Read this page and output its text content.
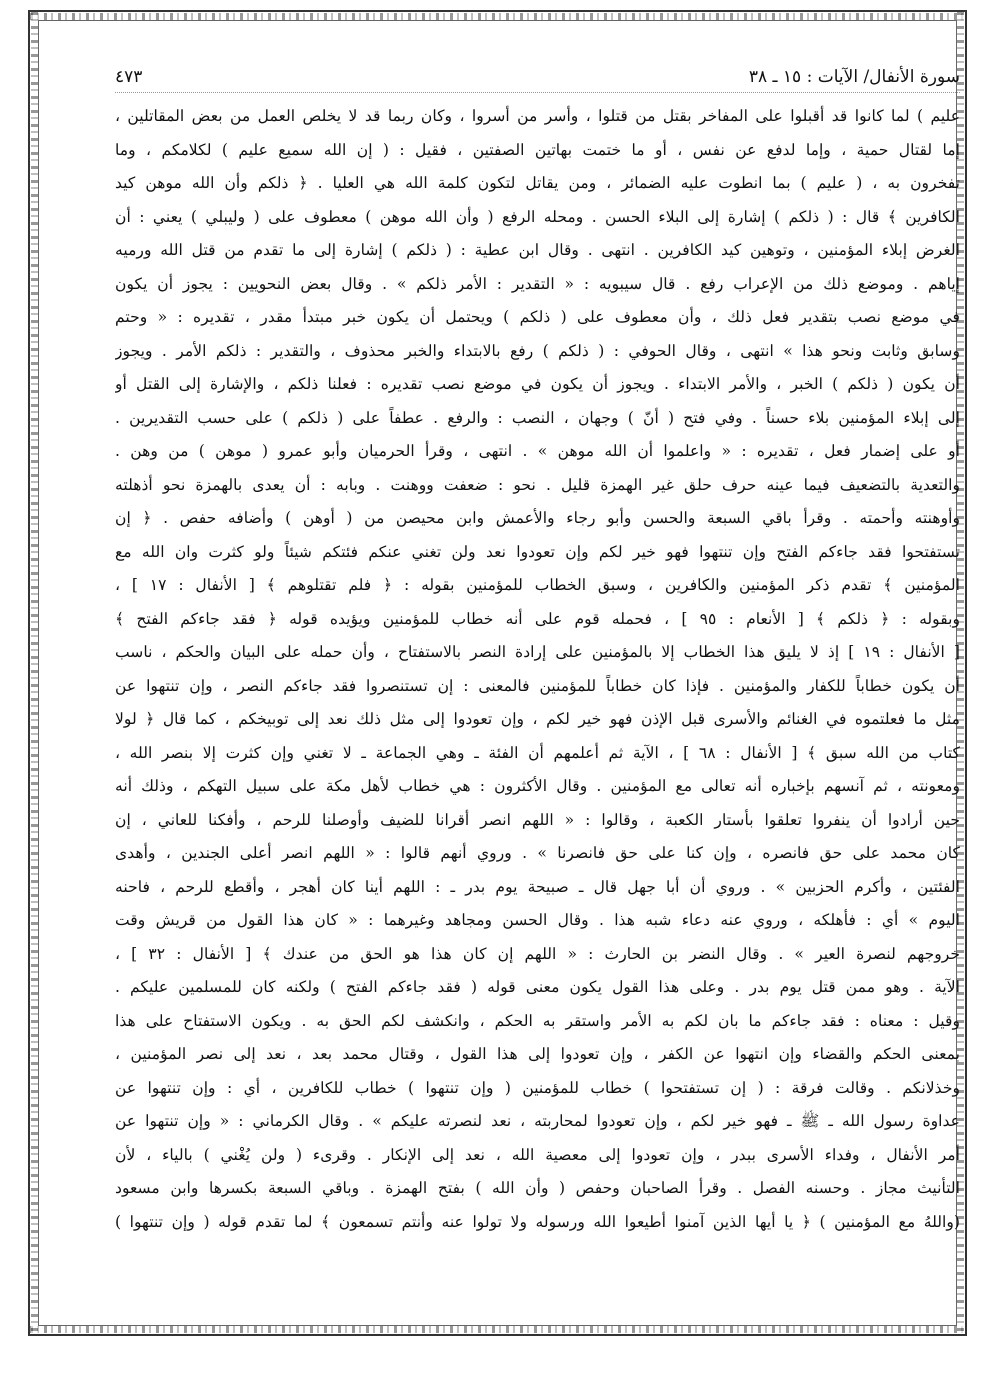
سورة الأنفال/ الآيات : ١٥ ـ ٣٨
٤٧٣
عليم ) لما كانوا قد أقبلوا على المفاخر بقتل من قتلوا ، وأسر من أسروا ، وكان ربما قد لا يخلص العمل من بعض المقاتلين ،
إما لقتال حمية ، وإما لدفع عن نفس ، أو ما ختمت بهاتين الصفتين ، فقيل : ( إن الله سميع عليم ) لكلامكم ، وما
تفخرون به ، ( عليم ) بما انطوت عليه الضمائر ، ومن يقاتل لتكون كلمة الله هي العليا . ﴿ ذلكم وأن الله موهن كيد
الكافرين ﴾ قال : ( ذلكم ) إشارة إلى البلاء الحسن . ومحله الرفع ( وأن الله موهن ) معطوف على ( وليبلي ) يعني : أن
الغرض إبلاء المؤمنين ، وتوهين كيد الكافرين . انتهى . وقال ابن عطية : ( ذلكم ) إشارة إلى ما تقدم من قتل الله ورميه
إياهم . وموضع ذلك من الإعراب رفع . قال سيبويه : « التقدير : الأمر ذلكم » . وقال بعض النحويين : يجوز أن يكون
في موضع نصب بتقدير فعل ذلك ، وأن معطوف على ( ذلكم ) ويحتمل أن يكون خبر مبتدأ مقدر ، تقديره : « وحتم
وسابق وثابت ونحو هذا » انتهى ، وقال الحوفي : ( ذلكم ) رفع بالابتداء والخبر محذوف ، والتقدير : ذلكم الأمر . ويجوز
أن يكون ( ذلكم ) الخبر ، والأمر الابتداء . ويجوز أن يكون في موضع نصب تقديره : فعلنا ذلكم ، والإشارة إلى القتل أو
إلى إبلاء المؤمنين بلاء حسناً . وفي فتح ( أنّ ) وجهان ، النصب : والرفع . عطفاً على ( ذلكم ) على حسب التقديرين .
أو على إضمار فعل ، تقديره : « واعلموا أن الله موهن » . انتهى ، وقرأ الحرميان وأبو عمرو ( موهن ) من وهن .
والتعدية بالتضعيف فيما عينه حرف حلق غير الهمزة قليل . نحو : ضعفت ووهنت . وبابه : أن يعدى بالهمزة نحو أذهلته
وأوهنته وأحمته . وقرأ باقي السبعة والحسن وأبو رجاء والأعمش وابن محيصن من ( أوهن ) وأضافه حفص . ﴿ إن
تستفتحوا فقد جاءكم الفتح وإن تنتهوا فهو خير لكم وإن تعودوا نعد ولن تغني عنكم فئتكم شيئاً ولو كثرت وان الله مع
المؤمنين ﴾ تقدم ذكر المؤمنين والكافرين ، وسبق الخطاب للمؤمنين بقوله : ﴿ فلم تقتلوهم ﴾ [ الأنفال : ١٧ ] ،
وبقوله : ﴿ ذلكم ﴾ [ الأنعام : ٩٥ ] ، فحمله قوم على أنه خطاب للمؤمنين ويؤيده قوله ﴿ فقد جاءكم الفتح ﴾
[ الأنفال : ١٩ ] إذ لا يليق هذا الخطاب إلا بالمؤمنين على إرادة النصر بالاستفتاح ، وأن حمله على البيان والحكم ، ناسب
أن يكون خطاباً للكفار والمؤمنين . فإذا كان خطاباً للمؤمنين فالمعنى : إن تستنصروا فقد جاءكم النصر ، وإن تنتهوا عن
مثل ما فعلتموه في الغنائم والأسرى قبل الإذن فهو خير لكم ، وإن تعودوا إلى مثل ذلك نعد إلى توبيخكم ، كما قال ﴿ لولا
كتاب من الله سبق ﴾ [ الأنفال : ٦٨ ] ، الآية ثم أعلمهم أن الفئة ـ وهي الجماعة ـ لا تغني وإن كثرت إلا بنصر الله ،
ومعونته ، ثم آنسهم بإخباره أنه تعالى مع المؤمنين . وقال الأكثرون : هي خطاب لأهل مكة على سبيل التهكم ، وذلك أنه
حين أرادوا أن ينفروا تعلقوا بأستار الكعبة ، وقالوا : « اللهم انصر أقرانا للضيف وأوصلنا للرحم ، وأفكنا للعاني ، إن
كان محمد على حق فانصره ، وإن كنا على حق فانصرنا » . وروي أنهم قالوا : « اللهم انصر أعلى الجندين ، وأهدى
الفئتين ، وأكرم الحزبين » . وروي أن أبا جهل قال ـ صبيحة يوم بدر ـ : اللهم أينا كان أهجر ، وأقطع للرحم ، فاحنه
اليوم » أي : فأهلكه ، وروي عنه دعاء شبه هذا . وقال الحسن ومجاهد وغيرهما : « كان هذا القول من قريش وقت
خروجهم لنصرة العير » . وقال النضر بن الحارث : « اللهم إن كان هذا هو الحق من عندك ﴾ [ الأنفال : ٣٢ ] ،
الآية . وهو ممن قتل يوم بدر . وعلى هذا القول يكون معنى قوله ( فقد جاءكم الفتح ) ولكنه كان للمسلمين عليكم .
وقيل : معناه : فقد جاءكم ما بان لكم به الأمر واستقر به الحكم ، وانكشف لكم الحق به . ويكون الاستفتاح على هذا
بمعنى الحكم والقضاء وإن انتهوا عن الكفر ، وإن تعودوا إلى هذا القول ، وقتال محمد بعد ، نعد إلى نصر المؤمنين ،
وخذلانكم . وقالت فرقة : ( إن تستفتحوا ) خطاب للمؤمنين ( وإن تنتهوا ) خطاب للكافرين ، أي : وإن تنتهوا عن
عداوة رسول الله ـ ﷺ ـ فهو خير لكم ، وإن تعودوا لمحاربته ، نعد لنصرته عليكم » . وقال الكرماني : « وإن تنتهوا عن
أمر الأنفال ، وفداء الأسرى ببدر ، وإن تعودوا إلى معصية الله ، نعد إلى الإنكار . وقرىء ( ولن يُغْني ) بالياء ، لأن
التأنيث مجاز . وحسنه الفصل . وقرأ الصاحبان وحفص ( وأن الله ) بفتح الهمزة . وباقي السبعة بكسرها وابن مسعود
(واللهُ مع المؤمنين ) ﴿ يا أيها الذين آمنوا أطيعوا الله ورسوله ولا تولوا عنه وأنتم تسمعون ﴾ لما تقدم قوله ( وإن تنتهوا )
